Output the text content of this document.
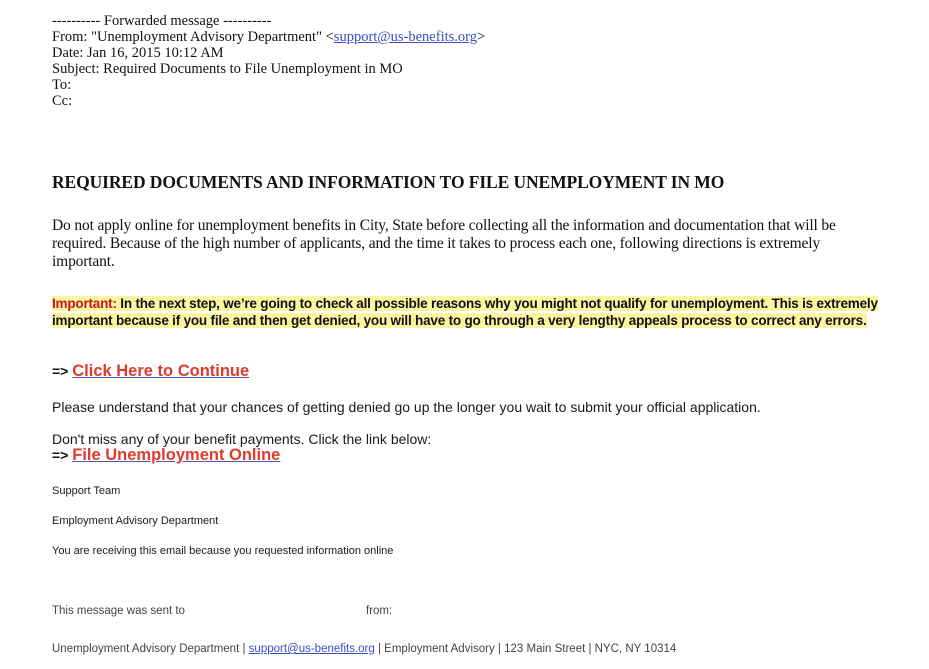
---------- Forwarded message ----------
From: "Unemployment Advisory Department" <support@us-benefits.org>
Date: Jan 16, 2015 10:12 AM
Subject: Required Documents to File Unemployment in MO
To:
Cc:
REQUIRED DOCUMENTS AND INFORMATION TO FILE UNEMPLOYMENT IN MO

Do not apply online for unemployment benefits in City, State before collecting all the information and documentation that will be required. Because of the high number of applicants, and the time it takes to process each one, following directions is extremely important.

Important: In the next step, we’re going to check all possible reasons why you might not qualify for unemployment. This is extremely important because if you file and then get denied, you will have to go through a very lengthy appeals process to correct any errors.

=> Click Here to Continue
Please understand that your chances of getting denied go up the longer you wait to submit your official application.
Don't miss any of your benefit payments. Click the link below:
=> File Unemployment Online
Support Team
Employment Advisory Department
You are receiving this email because you requested information online
This message was sent to	from:
Unemployment Advisory Department | support@us-benefits.org | Employment Advisory | 123 Main Street | NYC, NY 10314
